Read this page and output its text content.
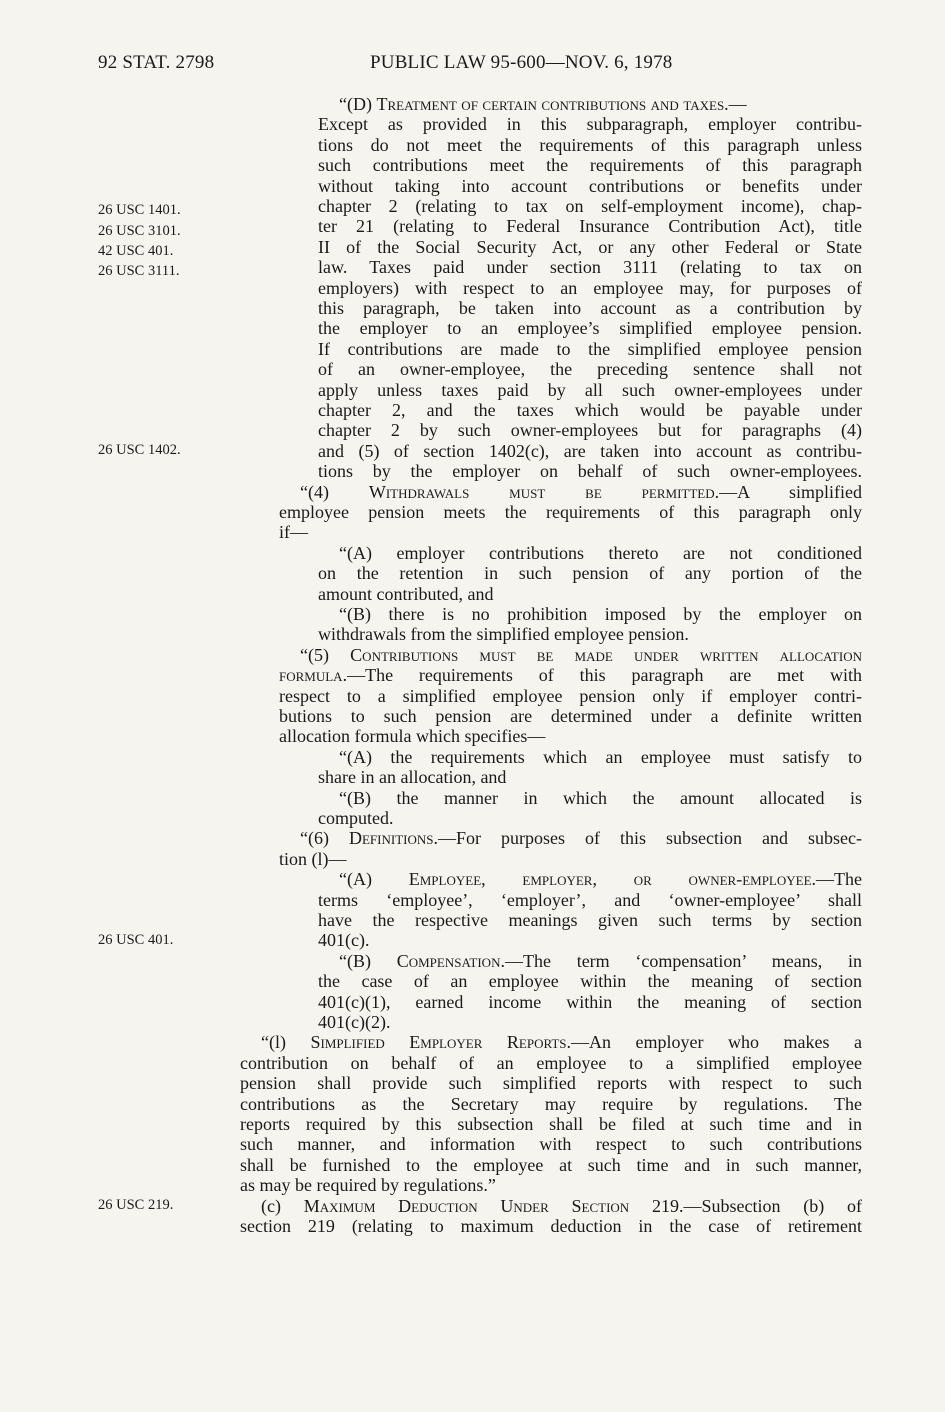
92 STAT. 2798	PUBLIC LAW 95-600—NOV. 6, 1978
26 USC 1401.
26 USC 3101.
42 USC 401.
26 USC 3111.
26 USC 1402.
26 USC 401.
26 USC 219.
“(D) Treatment of certain contributions and taxes.—
Except as provided in this subparagraph, employer contribu-
tions do not meet the requirements of this paragraph unless
such contributions meet the requirements of this paragraph
without taking into account contributions or benefits under
chapter 2 (relating to tax on self-employment income), chap-
ter 21 (relating to Federal Insurance Contribution Act), title
II of the Social Security Act, or any other Federal or State
law. Taxes paid under section 3111 (relating to tax on
employers) with respect to an employee may, for purposes of
this paragraph, be taken into account as a contribution by
the employer to an employee’s simplified employee pension.
If contributions are made to the simplified employee pension
of an owner-employee, the preceding sentence shall not
apply unless taxes paid by all such owner-employees under
chapter 2, and the taxes which would be payable under
chapter 2 by such owner-employees but for paragraphs (4)
and (5) of section 1402(c), are taken into account as contribu-
tions by the employer on behalf of such owner-employees.
“(4) Withdrawals must be permitted.—A simplified
employee pension meets the requirements of this paragraph only
if—
“(A) employer contributions thereto are not conditioned
on the retention in such pension of any portion of the
amount contributed, and
“(B) there is no prohibition imposed by the employer on
withdrawals from the simplified employee pension.
“(5) Contributions must be made under written allocation
formula.—The requirements of this paragraph are met with
respect to a simplified employee pension only if employer contri-
butions to such pension are determined under a definite written
allocation formula which specifies—
“(A) the requirements which an employee must satisfy to
share in an allocation, and
“(B) the manner in which the amount allocated is
computed.
“(6) Definitions.—For purposes of this subsection and subsec-
tion (l)—
“(A) Employee, employer, or owner-employee.—The
terms ‘employee’, ‘employer’, and ‘owner-employee’ shall
have the respective meanings given such terms by section
401(c).
“(B) Compensation.—The term ‘compensation’ means, in
the case of an employee within the meaning of section
401(c)(1), earned income within the meaning of section
401(c)(2).
“(l) Simplified Employer Reports.—An employer who makes a
contribution on behalf of an employee to a simplified employee
pension shall provide such simplified reports with respect to such
contributions as the Secretary may require by regulations. The
reports required by this subsection shall be filed at such time and in
such manner, and information with respect to such contributions
shall be furnished to the employee at such time and in such manner,
as may be required by regulations.”
(c) Maximum Deduction Under Section 219.—Subsection (b) of
section 219 (relating to maximum deduction in the case of retirement
